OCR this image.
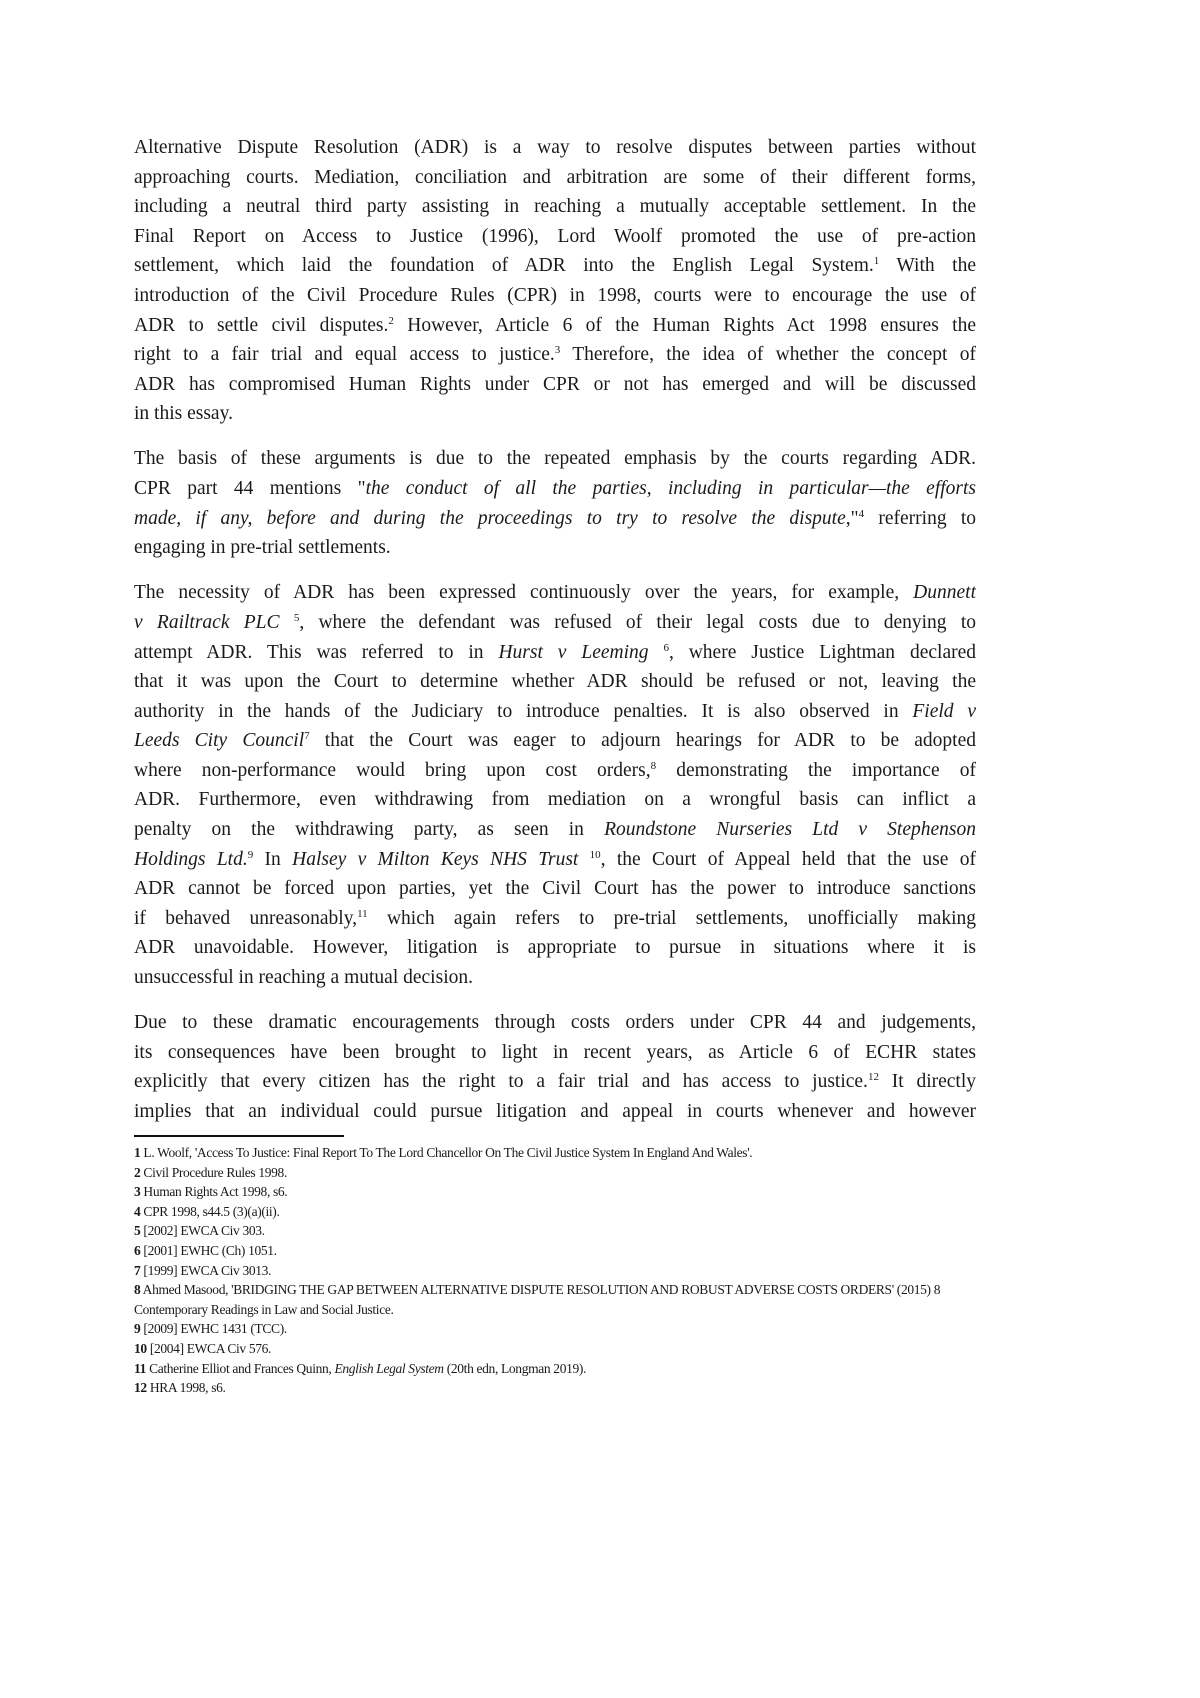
Alternative Dispute Resolution (ADR) is a way to resolve disputes between parties without
approaching courts. Mediation, conciliation and arbitration are some of their different forms,
including a neutral third party assisting in reaching a mutually acceptable settlement. In the
Final Report on Access to Justice (1996), Lord Woolf promoted the use of pre-action
settlement, which laid the foundation of ADR into the English Legal System.$^1$ With the
introduction of the Civil Procedure Rules (CPR) in 1998, courts were to encourage the use of
ADR to settle civil disputes.$^2$ However, Article 6 of the Human Rights Act 1998 ensures the
right to a fair trial and equal access to justice.$^3$ Therefore, the idea of whether the concept of
ADR has compromised Human Rights under CPR or not has emerged and will be discussed
in this essay.
The basis of these arguments is due to the repeated emphasis by the courts regarding ADR.
CPR part 44 mentions "the conduct of all the parties, including in particular—the efforts
made, if any, before and during the proceedings to try to resolve the dispute,"$^4$ referring to
engaging in pre-trial settlements.
The necessity of ADR has been expressed continuously over the years, for example, Dunnett
v Railtrack PLC $^5$, where the defendant was refused of their legal costs due to denying to
attempt ADR. This was referred to in Hurst v Leeming $^6$, where Justice Lightman declared
that it was upon the Court to determine whether ADR should be refused or not, leaving the
authority in the hands of the Judiciary to introduce penalties. It is also observed in Field v
Leeds City Council$^7$ that the Court was eager to adjourn hearings for ADR to be adopted
where non-performance would bring upon cost orders,$^8$ demonstrating the importance of
ADR. Furthermore, even withdrawing from mediation on a wrongful basis can inflict a
penalty on the withdrawing party, as seen in Roundstone Nurseries Ltd v Stephenson
Holdings Ltd.$^9$ In Halsey v Milton Keys NHS Trust $^{10}$, the Court of Appeal held that the use of
ADR cannot be forced upon parties, yet the Civil Court has the power to introduce sanctions
if behaved unreasonably,$^{11}$ which again refers to pre-trial settlements, unofficially making
ADR unavoidable. However, litigation is appropriate to pursue in situations where it is
unsuccessful in reaching a mutual decision.
Due to these dramatic encouragements through costs orders under CPR 44 and judgements,
its consequences have been brought to light in recent years, as Article 6 of ECHR states
explicitly that every citizen has the right to a fair trial and has access to justice.$^{12}$ It directly
implies that an individual could pursue litigation and appeal in courts whenever and however
1 L. Woolf, 'Access To Justice: Final Report To The Lord Chancellor On The Civil Justice System In England And Wales'.
2 Civil Procedure Rules 1998.
3 Human Rights Act 1998, s6.
4 CPR 1998, s44.5 (3)(a)(ii).
5 [2002] EWCA Civ 303.
6 [2001] EWHC (Ch) 1051.
7 [1999] EWCA Civ 3013.
8 Ahmed Masood, 'BRIDGING THE GAP BETWEEN ALTERNATIVE DISPUTE RESOLUTION AND ROBUST ADVERSE COSTS ORDERS' (2015) 8 Contemporary Readings in Law and Social Justice.
9 [2009] EWHC 1431 (TCC).
10 [2004] EWCA Civ 576.
11 Catherine Elliot and Frances Quinn, English Legal System (20th edn, Longman 2019).
12 HRA 1998, s6.
